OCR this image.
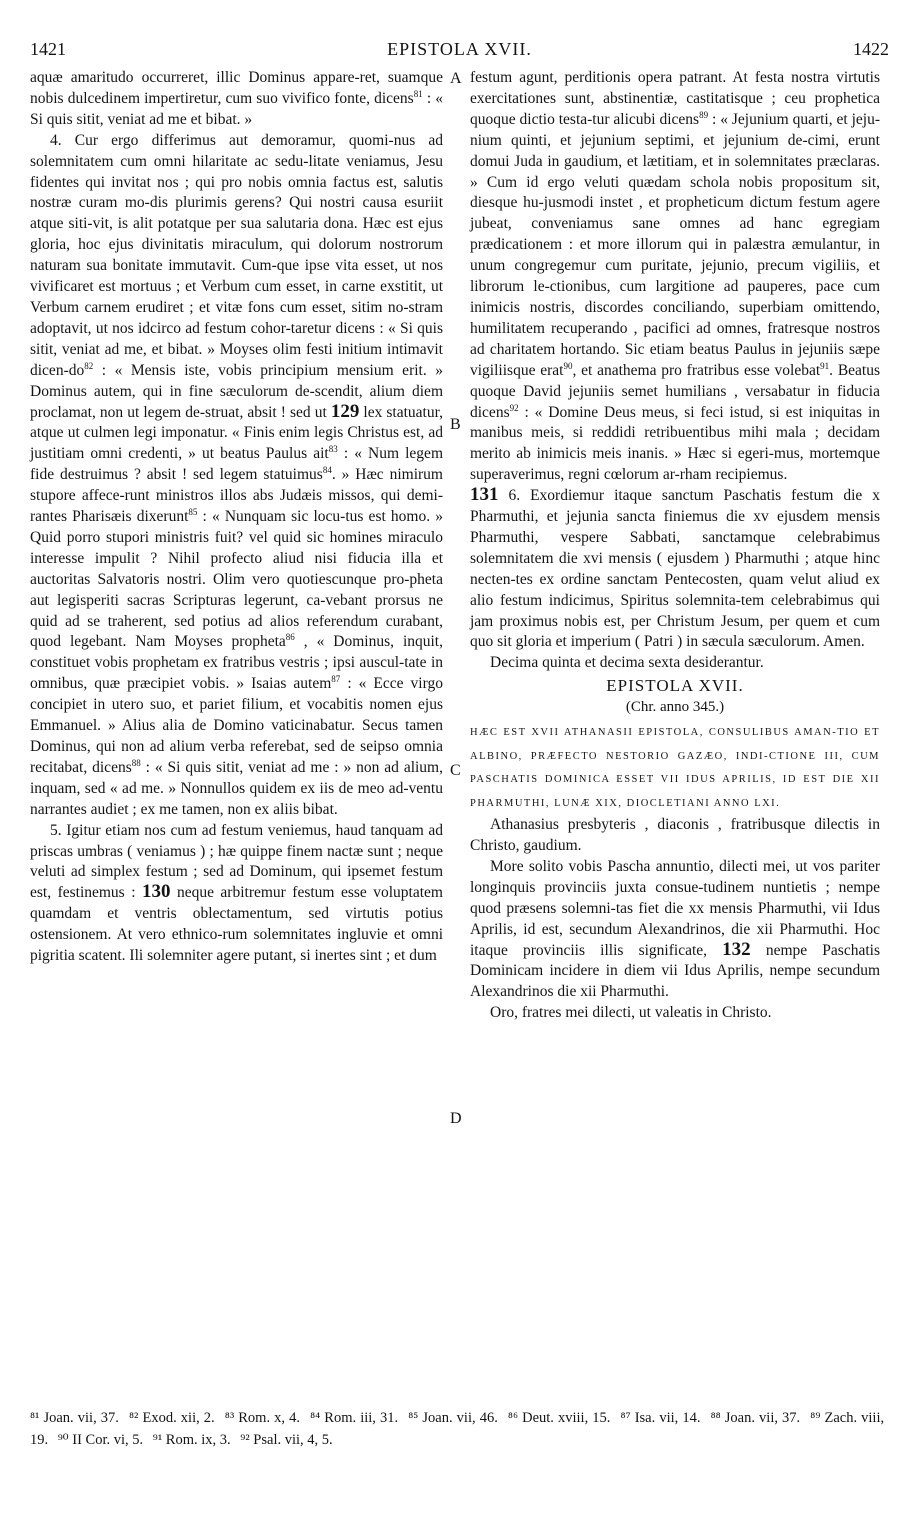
1421	EPISTOLA XVII.	1422
A
B
C
D

aquæ amaritudo occurreret, illic Dominus appare-ret, suamque nobis dulcedinem impertiretur, cum suo vivifico fonte, dicens$^{81}$ : « Si quis sitit, veniat ad me et bibat. »

4. Cur ergo differimus aut demoramur, quomi-nus ad solemnitatem cum omni hilaritate ac sedu-litate veniamus, Jesu fidentes qui invitat nos ; qui pro nobis omnia factus est, salutis nostræ curam mo-dis plurimis gerens? Qui nostri causa esuriit atque siti-vit, is alit potatque per sua salutaria dona. Hæc est ejus gloria, hoc ejus divinitatis miraculum, qui dolorum nostrorum naturam sua bonitate immutavit. Cum-que ipse vita esset, ut nos vivificaret est mortuus ; et Verbum cum esset, in carne exstitit, ut Verbum carnem erudiret ; et vitæ fons cum esset, sitim no-stram adoptavit, ut nos idcirco ad festum cohor-taretur dicens : « Si quis sitit, veniat ad me, et bibat. » Moyses olim festi initium intimavit dicen-$do^{82}$ : « Mensis iste, vobis principium mensium erit. » Dominus autem, qui in fine sæculorum de-scendit, alium diem proclamat, non ut legem de-struat, absit ! sed ut 129 lex statuatur, atque ut culmen legi imponatur. « Finis enim legis Christus est, ad justitiam omni credenti, » ut beatus Paulus ait$^{83}$ : « Num legem fide destruimus ? absit ! sed legem statuimus$^{84}$. » Hæc nimirum stupore affece-runt ministros illos abs Judæis missos, qui demi-rantes Pharisæis dixerunt$^{85}$ : « Nunquam sic locu-tus est homo. » Quid porro stupori ministris fuit? vel quid sic homines miraculo interesse impulit ? Nihil profecto aliud nisi fiducia illa et auctoritas Salvatoris nostri. Olim vero quotiescunque pro-pheta aut legisperiti sacras Scripturas legerunt, ca-vebant prorsus ne quid ad se traherent, sed potius ad alios referendum curabant, quod legebant. Nam Moyses propheta$^{86}$ , « Dominus, inquit, constituet vobis prophetam ex fratribus vestris ; ipsi auscul-tate in omnibus, quæ præcipiet vobis. » Isaias autem$^{87}$ : « Ecce virgo concipiet in utero suo, et pariet filium, et vocabitis nomen ejus Emmanuel. » Alius alia de Domino vaticinabatur. Secus tamen Dominus, qui non ad alium verba referebat, sed de seipso omnia recitabat, dicens$^{88}$ : « Si quis sitit, veniat ad me : » non ad alium, inquam, sed « ad me. » Nonnullos quidem ex iis de meo ad-ventu narrantes audiet ; ex me tamen, non ex aliis bibat.

5. Igitur etiam nos cum ad festum veniemus, haud tanquam ad priscas umbras ( veniamus ) ; hæ quippe finem nactæ sunt ; neque veluti ad simplex festum ; sed ad Dominum, qui ipsemet festum est, festinemus : 130 neque arbitremur festum esse voluptatem quamdam et ventris oblectamentum, sed virtutis potius ostensionem. At vero ethnico-rum solemnitates ingluvie et omni pigritia scatent. Ili solemniter agere putant, si inertes sint ; et dum

festum agunt, perditionis opera patrant. At festa nostra virtutis exercitationes sunt, abstinentiæ, castitatisque ; ceu prophetica quoque dictio testa-tur alicubi dicens$^{89}$ : « Jejunium quarti, et jeju-nium quinti, et jejunium septimi, et jejunium de-cimi, erunt domui Juda in gaudium, et lætitiam, et in solemnitates præclaras. » Cum id ergo veluti quædam schola nobis propositum sit, diesque hu-jusmodi instet , et propheticum dictum festum agere jubeat, conveniamus sane omnes ad hanc egregiam prædicationem : et more illorum qui in palæstra æmulantur, in unum congregemur cum puritate, jejunio, precum vigiliis, et librorum le-ctionibus, cum largitione ad pauperes, pace cum inimicis nostris, discordes conciliando, superbiam omittendo, humilitatem recuperando , pacifici ad omnes, fratresque nostros ad charitatem hortando. Sic etiam beatus Paulus in jejuniis sæpe vigiliisque erat$^{90}$, et anathema pro fratribus esse volebat$^{91}$. Beatus quoque David jejuniis semet humilians , versabatur in fiducia dicens$^{92}$ : « Domine Deus meus, si feci istud, si est iniquitas in manibus meis, si reddidi retribuentibus mihi mala ; decidam merito ab inimicis meis inanis. » Hæc si egeri-mus, mortemque superaverimus, regni cœlorum ar-rham recipiemus.

131 6. Exordiemur itaque sanctum Paschatis festum die x Pharmuthi, et jejunia sancta finiemus die xv ejusdem mensis Pharmuthi, vespere Sabbati, sanctamque celebrabimus solemnitatem die xvi mensis ( ejusdem ) Pharmuthi ; atque hinc necten-tes ex ordine sanctam Pentecosten, quam velut aliud ex alio festum indicimus, Spiritus solemnita-tem celebrabimus qui jam proximus nobis est, per Christum Jesum, per quem et cum quo sit gloria et imperium ( Patri ) in sæcula sæculorum. Amen.

Decima quinta et decima sexta desiderantur.

EPISTOLA XVII.
(Chr. anno 345.)

HÆC EST XVII ATHANASII EPISTOLA, CONSULIBUS AMAN-TIO ET ALBINO, PRÆFECTO NESTORIO GAZÆO, INDI-CTIONE III, CUM PASCHATIS DOMINICA ESSET VII IDUS APRILIS, ID EST DIE XII PHARMUTHI, LUNÆ XIX, DIOCLETIANI ANNO LXI.

Athanasius presbyteris , diaconis , fratribusque dilectis in Christo, gaudium.

More solito vobis Pascha annuntio, dilecti mei, ut vos pariter longinquis provinciis juxta consue-tudinem nuntietis ; nempe quod præsens solemni-tas fiet die xx mensis Pharmuthi, vii Idus Aprilis, id est, secundum Alexandrinos, die xii Pharmuthi. Hoc itaque provinciis illis significate, 132 nempe Paschatis Dominicam incidere in diem vii Idus Aprilis, nempe secundum Alexandrinos die xii Pharmuthi.

Oro, fratres mei dilecti, ut valeatis in Christo.

⁸¹ Joan. vii, 37. ⁸² Exod. xii, 2. ⁸³ Rom. x, 4. ⁸⁴ Rom. iii, 31. ⁸⁵ Joan. vii, 46. ⁸⁶ Deut. xviii, 15. ⁸⁷ Isa. vii, 14. ⁸⁸ Joan. vii, 37. ⁸⁹ Zach. viii, 19. ⁹⁰ II Cor. vi, 5. ⁹¹ Rom. ix, 3. ⁹² Psal. vii, 4, 5.
